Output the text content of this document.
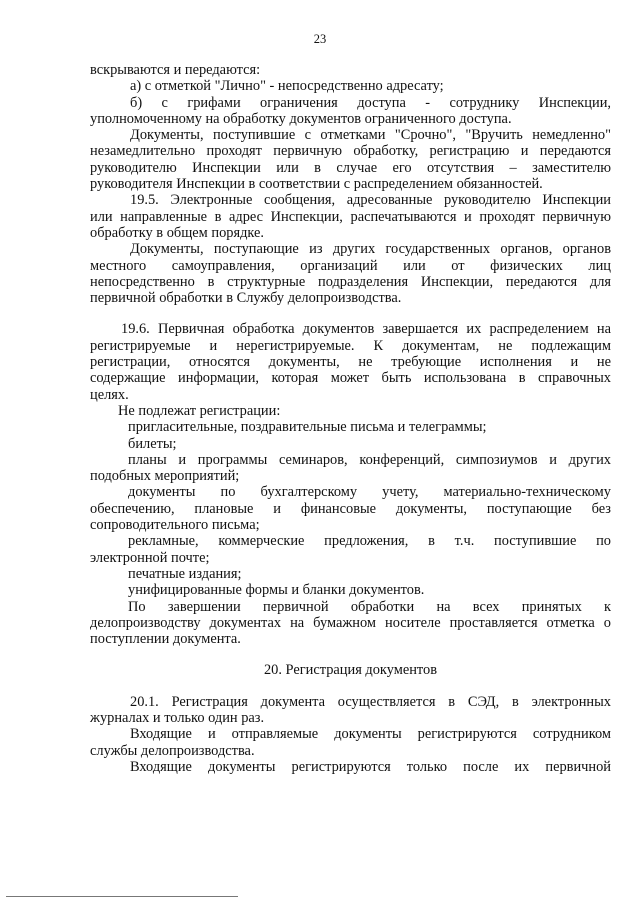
23

вскрываются и передаются:

а) с отметкой "Лично" - непосредственно адресату;

б) с грифами ограничения доступа - сотруднику Инспекции,

уполномоченному на обработку документов ограниченного доступа.

Документы, поступившие с отметками "Срочно", "Вручить немедленно"

незамедлительно проходят первичную обработку, регистрацию и передаются

руководителю Инспекции или в случае его отсутствия – заместителю

руководителя Инспекции в соответствии с распределением обязанностей.

19.5. Электронные сообщения, адресованные руководителю Инспекции

или направленные в адрес Инспекции, распечатываются и проходят первичную

обработку в общем порядке.

Документы, поступающие из других государственных органов, органов

местного самоуправления, организаций или от физических лиц

непосредственно в структурные подразделения Инспекции, передаются для

первичной обработки в Службу делопроизводства.

19.6. Первичная обработка документов завершается их распределением на

регистрируемые и нерегистрируемые. К документам, не подлежащим

регистрации, относятся документы, не требующие исполнения и не

содержащие информации, которая может быть использована в справочных

целях.

Не подлежат регистрации:

пригласительные, поздравительные письма и телеграммы;

билеты;

планы и программы семинаров, конференций, симпозиумов и других

подобных мероприятий;

документы по бухгалтерскому учету, материально-техническому

обеспечению, плановые и финансовые документы, поступающие без

сопроводительного письма;

рекламные, коммерческие предложения, в т.ч. поступившие по

электронной почте;

печатные издания;

унифицированные формы и бланки документов.

По завершении первичной обработки на всех принятых к

делопроизводству документах на бумажном носителе проставляется отметка о

поступлении документа.

20. Регистрация документов

20.1. Регистрация документа осуществляется в СЭД, в электронных

журналах и только один раз.

Входящие и отправляемые документы регистрируются сотрудником

службы делопроизводства.

Входящие документы регистрируются только после их первичной
